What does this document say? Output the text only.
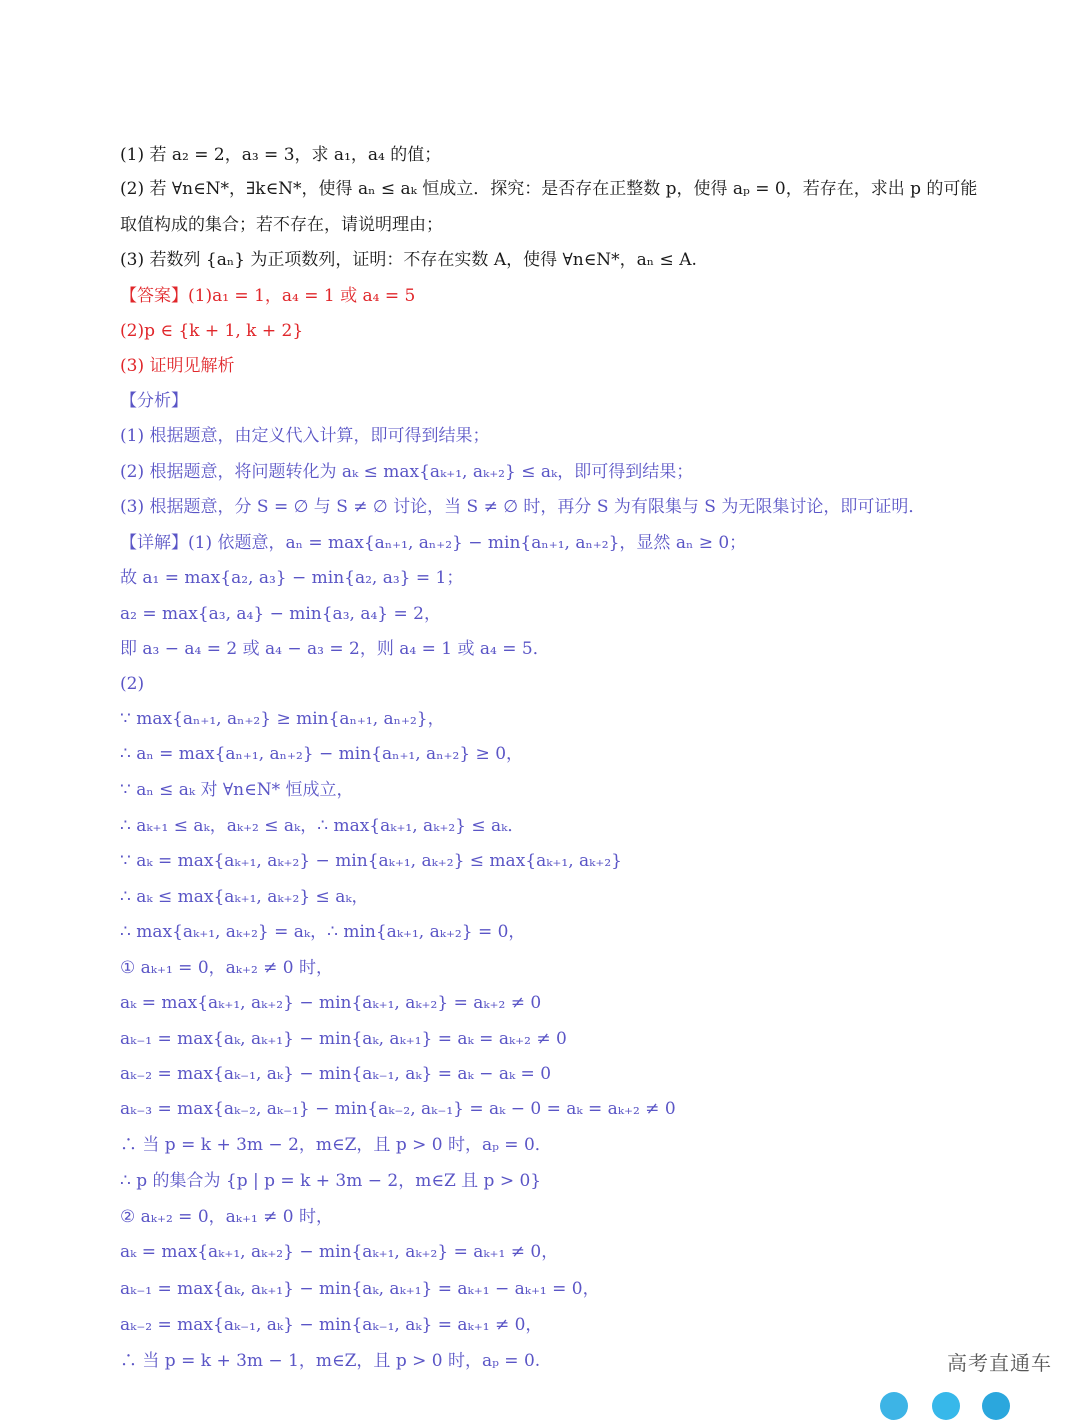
(1) 若 a₂ = 2，a₃ = 3，求 a₁，a₄ 的值；
(2) 若 ∀n∈N*，∃k∈N*，使得 aₙ ≤ aₖ 恒成立．探究：是否存在正整数 p，使得 aₚ = 0，若存在，求出 p 的可能
取值构成的集合；若不存在，请说明理由；
(3) 若数列 {aₙ} 为正项数列，证明：不存在实数 A，使得 ∀n∈N*，aₙ ≤ A.
【答案】(1)a₁ = 1，a₄ = 1 或 a₄ = 5
(2)p ∈ {k + 1, k + 2}
(3) 证明见解析
【分析】
(1) 根据题意，由定义代入计算，即可得到结果；
(2) 根据题意，将问题转化为 aₖ ≤ max{aₖ₊₁, aₖ₊₂} ≤ aₖ，即可得到结果；
(3) 根据题意，分 S = ∅ 与 S ≠ ∅ 讨论，当 S ≠ ∅ 时，再分 S 为有限集与 S 为无限集讨论，即可证明．
【详解】(1) 依题意，aₙ = max{aₙ₊₁, aₙ₊₂} − min{aₙ₊₁, aₙ₊₂}，显然 aₙ ≥ 0；
故 a₁ = max{a₂, a₃} − min{a₂, a₃} = 1；
a₂ = max{a₃, a₄} − min{a₃, a₄} = 2，
即 a₃ − a₄ = 2 或 a₄ − a₃ = 2，则 a₄ = 1 或 a₄ = 5．
(2)
∵ max{aₙ₊₁, aₙ₊₂} ≥ min{aₙ₊₁, aₙ₊₂}，
∴ aₙ = max{aₙ₊₁, aₙ₊₂} − min{aₙ₊₁, aₙ₊₂} ≥ 0，
∵ aₙ ≤ aₖ 对 ∀n∈N* 恒成立，
∴ aₖ₊₁ ≤ aₖ，aₖ₊₂ ≤ aₖ，∴ max{aₖ₊₁, aₖ₊₂} ≤ aₖ．
∵ aₖ = max{aₖ₊₁, aₖ₊₂} − min{aₖ₊₁, aₖ₊₂} ≤ max{aₖ₊₁, aₖ₊₂}
∴ aₖ ≤ max{aₖ₊₁, aₖ₊₂} ≤ aₖ，
∴ max{aₖ₊₁, aₖ₊₂} = aₖ，∴ min{aₖ₊₁, aₖ₊₂} = 0，
① aₖ₊₁ = 0，aₖ₊₂ ≠ 0 时，
aₖ = max{aₖ₊₁, aₖ₊₂} − min{aₖ₊₁, aₖ₊₂} = aₖ₊₂ ≠ 0
aₖ₋₁ = max{aₖ, aₖ₊₁} − min{aₖ, aₖ₊₁} = aₖ = aₖ₊₂ ≠ 0
aₖ₋₂ = max{aₖ₋₁, aₖ} − min{aₖ₋₁, aₖ} = aₖ − aₖ = 0
aₖ₋₃ = max{aₖ₋₂, aₖ₋₁} − min{aₖ₋₂, aₖ₋₁} = aₖ − 0 = aₖ = aₖ₊₂ ≠ 0
∴ 当 p = k + 3m − 2，m∈Z，且 p > 0 时，aₚ = 0．
∴ p 的集合为 {p | p = k + 3m − 2，m∈Z 且 p > 0}
② aₖ₊₂ = 0，aₖ₊₁ ≠ 0 时，
aₖ = max{aₖ₊₁, aₖ₊₂} − min{aₖ₊₁, aₖ₊₂} = aₖ₊₁ ≠ 0，
aₖ₋₁ = max{aₖ, aₖ₊₁} − min{aₖ, aₖ₊₁} = aₖ₊₁ − aₖ₊₁ = 0，
aₖ₋₂ = max{aₖ₋₁, aₖ} − min{aₖ₋₁, aₖ} = aₖ₊₁ ≠ 0，
∴ 当 p = k + 3m − 1，m∈Z，且 p > 0 时，aₚ = 0.	高考直通车
